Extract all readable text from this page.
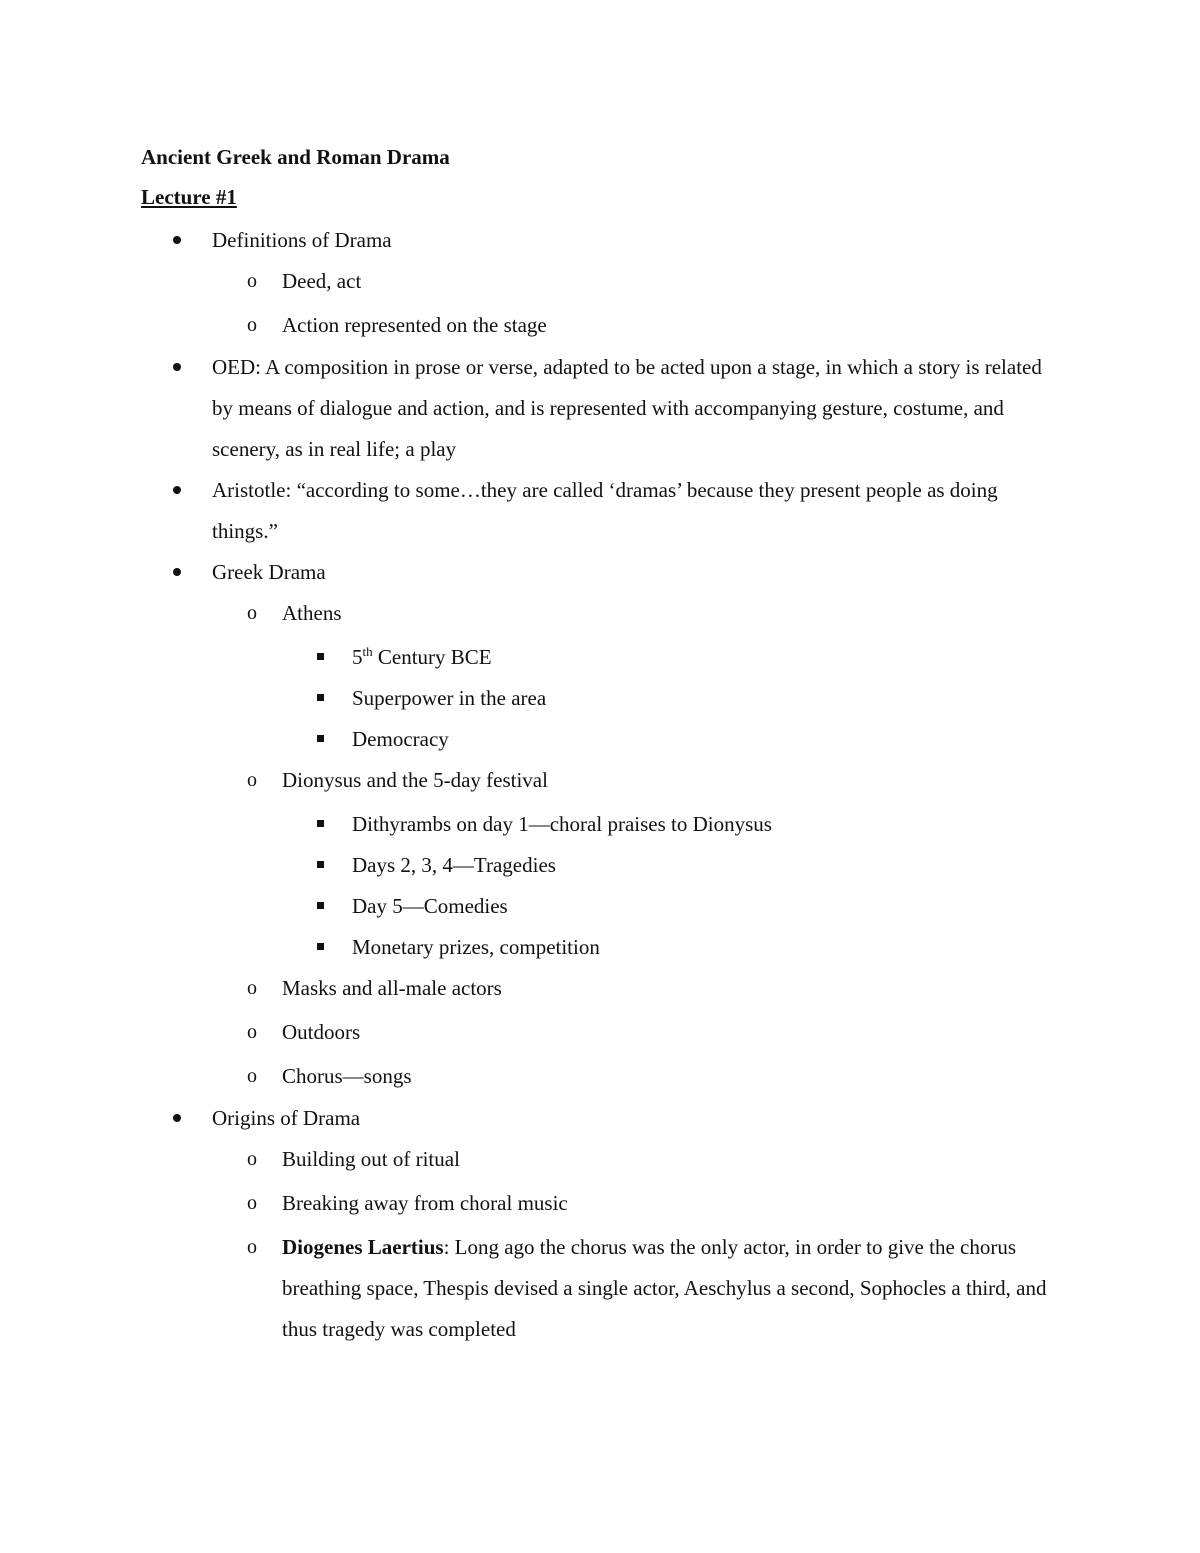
Ancient Greek and Roman Drama
Lecture #1
Definitions of Drama
o Deed, act
o Action represented on the stage
OED: A composition in prose or verse, adapted to be acted upon a stage, in which a story is related by means of dialogue and action, and is represented with accompanying gesture, costume, and scenery, as in real life; a play
Aristotle: “according to some…they are called ‘dramas’ because they present people as doing things.”
Greek Drama
o Athens
5th Century BCE
Superpower in the area
Democracy
o Dionysus and the 5-day festival
Dithyrambs on day 1—choral praises to Dionysus
Days 2, 3, 4—Tragedies
Day 5—Comedies
Monetary prizes, competition
o Masks and all-male actors
o Outdoors
o Chorus—songs
Origins of Drama
o Building out of ritual
o Breaking away from choral music
o Diogenes Laertius: Long ago the chorus was the only actor, in order to give the chorus breathing space, Thespis devised a single actor, Aeschylus a second, Sophocles a third, and thus tragedy was completed
